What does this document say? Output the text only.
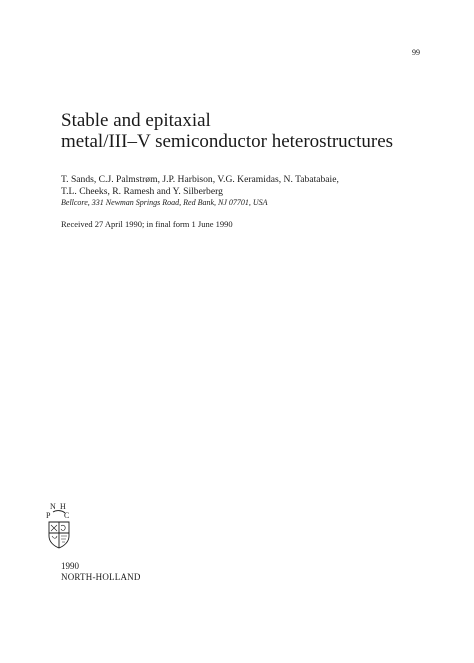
99
Stable and epitaxial
metal/III–V semiconductor heterostructures
T. Sands, C.J. Palmstrøm, J.P. Harbison, V.G. Keramidas, N. Tabatabaie,
T.L. Cheeks, R. Ramesh and Y. Silberberg
Bellcore, 331 Newman Springs Road, Red Bank, NJ 07701, USA
Received 27 April 1990; in final form 1 June 1990
N H
P C
1990
NORTH-HOLLAND
